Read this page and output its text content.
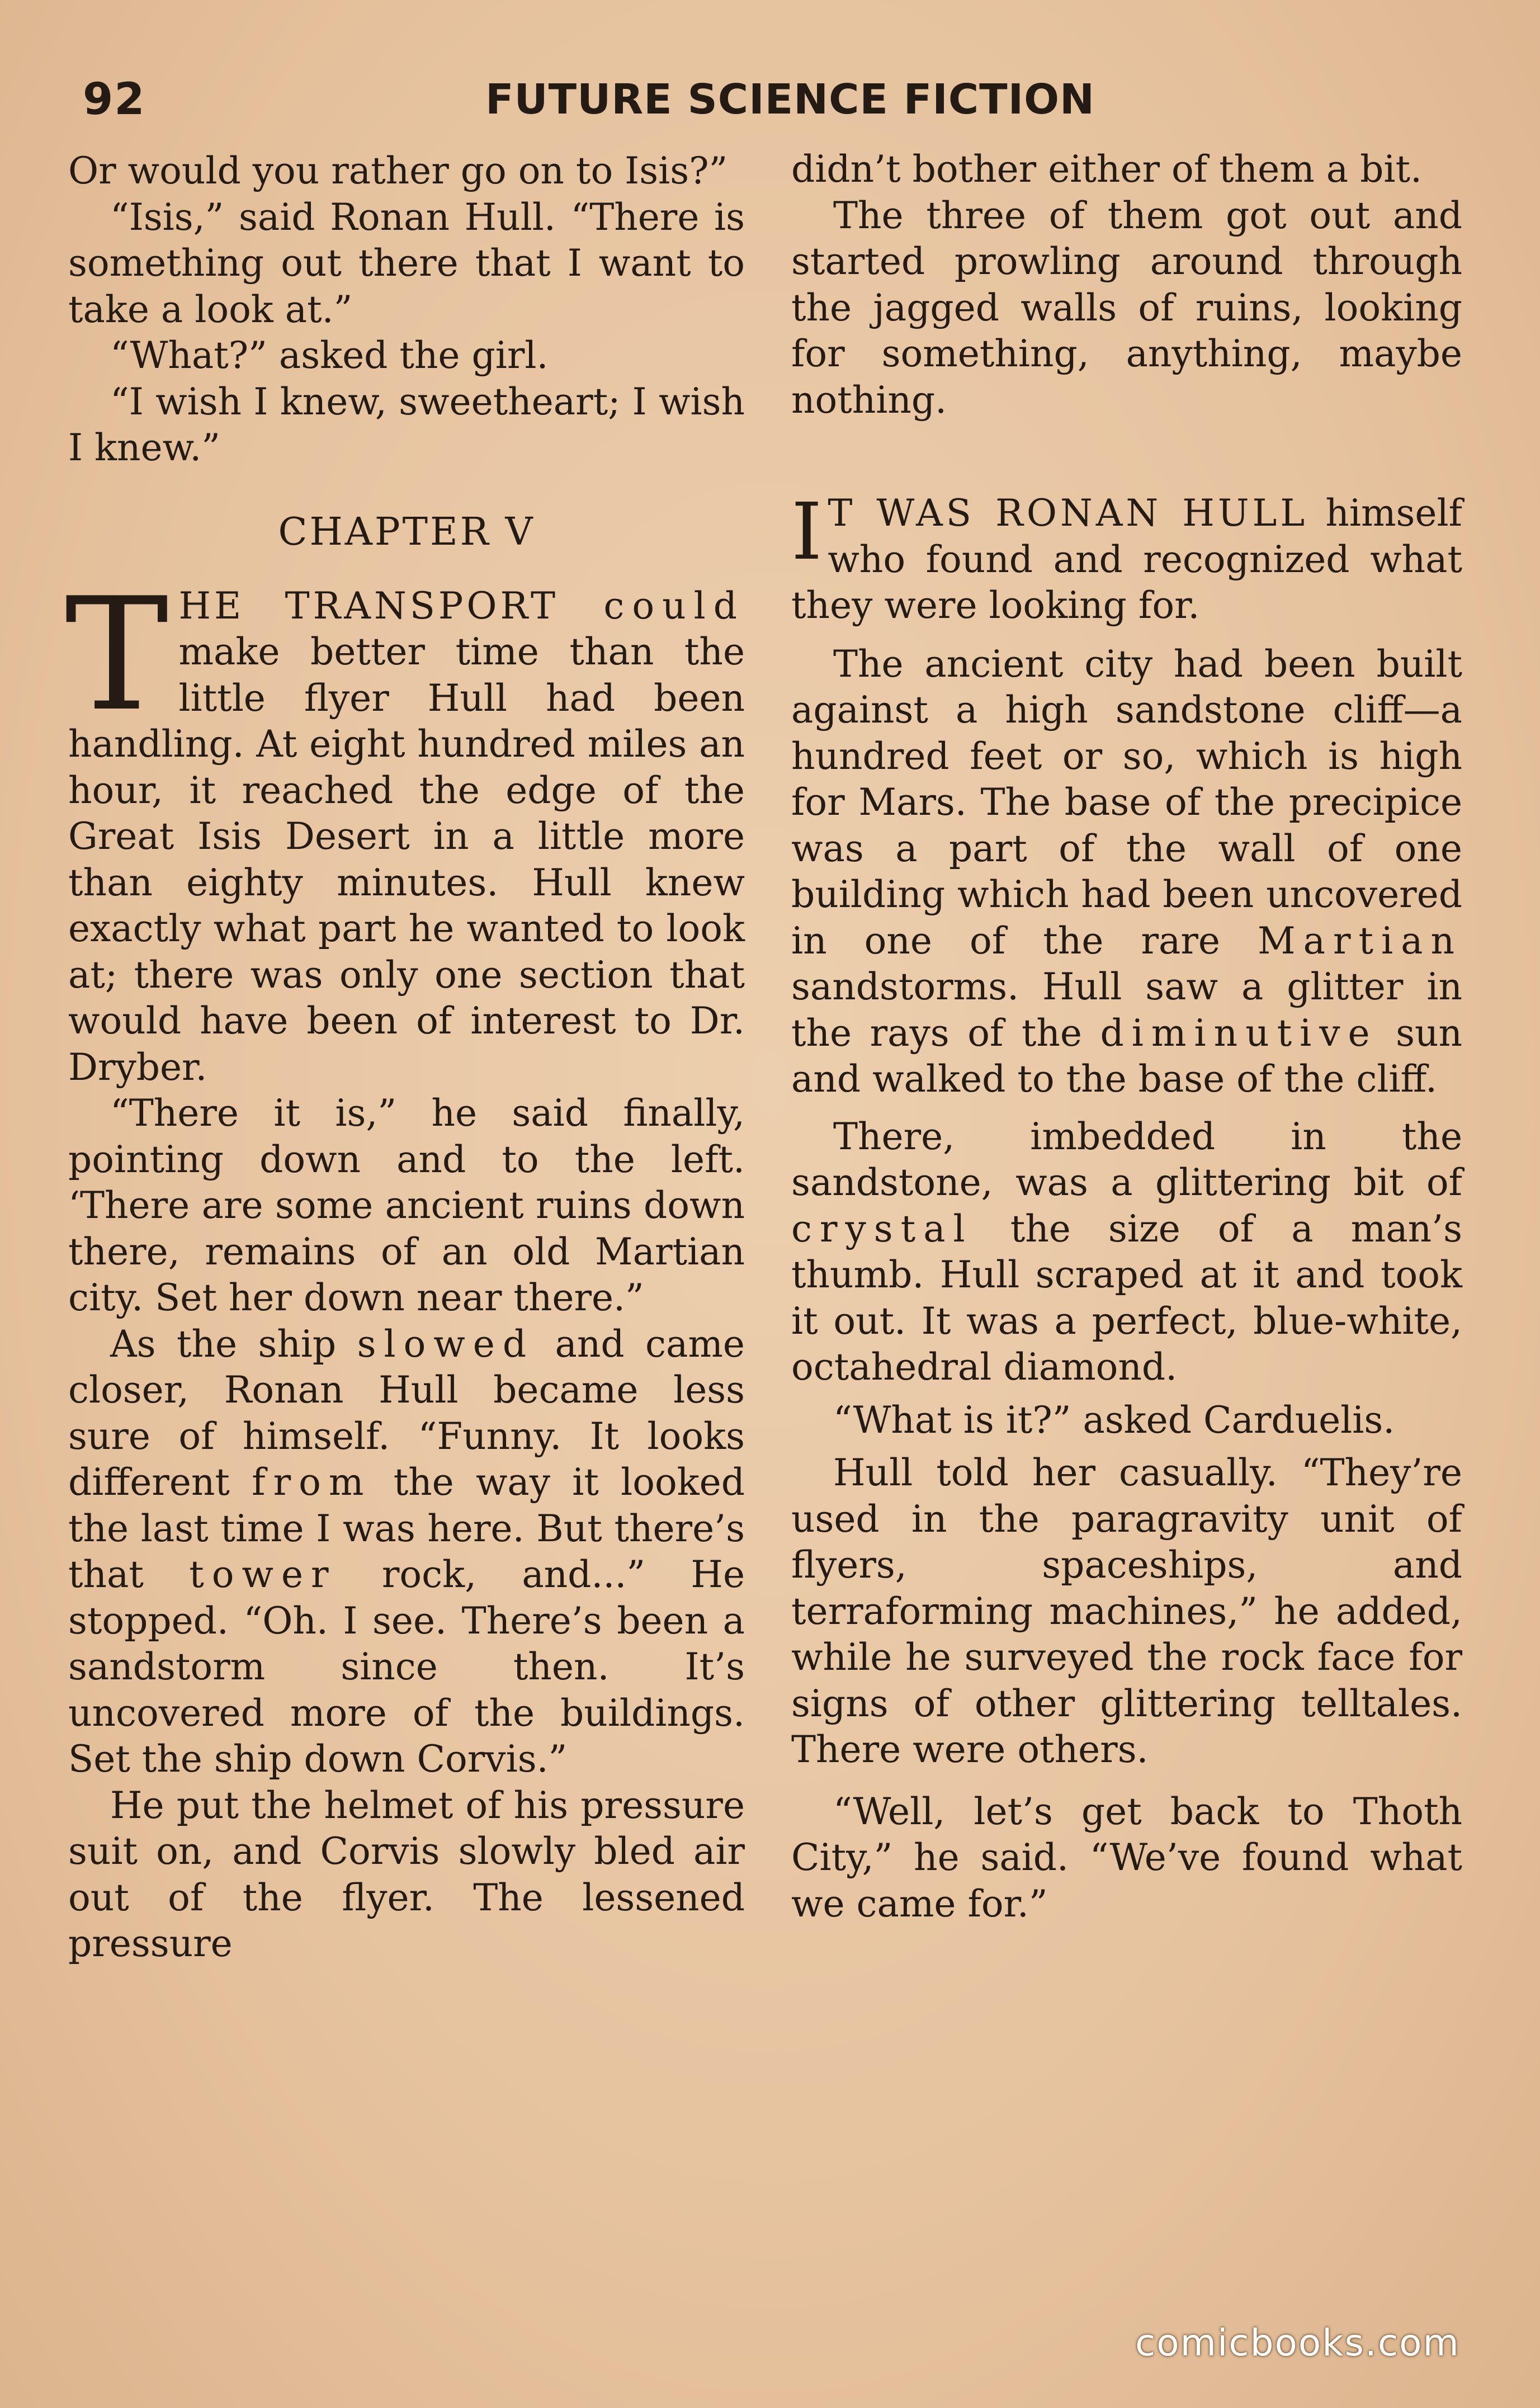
92	FUTURE SCIENCE FICTION

Or would you rather go on to Isis?”

“Isis,” said Ronan Hull. “There is something out there that I want to take a look at.”

“What?” asked the girl.

“I wish I knew, sweetheart; I wish I knew.”

CHAPTER V

THE TRANSPORT could make better time than the little flyer Hull had been handling. At eight hundred miles an hour, it reached the edge of the Great Isis Desert in a little more than eighty minutes. Hull knew exactly what part he wanted to look at; there was only one section that would have been of interest to Dr. Dryber.

“There it is,” he said finally, pointing down and to the left. ‘There are some ancient ruins down there, remains of an old Martian city. Set her down near there.”

As the ship slowed and came closer, Ronan Hull became less sure of himself. “Funny. It looks different from the way it looked the last time I was here. But there’s that tower rock, and...” He stopped. “Oh. I see. There’s been a sandstorm since then. It’s uncovered more of the buildings. Set the ship down Corvis.”

He put the helmet of his pressure suit on, and Corvis slowly bled air out of the flyer. The lessened pressure

didn’t bother either of them a bit.

The three of them got out and started prowling around through the jagged walls of ruins, looking for something, anything, maybe nothing.

I T WAS RONAN HULL himself who found and recognized what they were looking for.

The ancient city had been built against a high sandstone cliff—a hundred feet or so, which is high for Mars. The base of the precipice was a part of the wall of one building which had been uncovered in one of the rare Martian sandstorms. Hull saw a glitter in the rays of the diminutive sun and walked to the base of the cliff.

There, imbedded in the sandstone, was a glittering bit of crystal the size of a man’s thumb. Hull scraped at it and took it out. It was a perfect, blue-white, octahedral diamond.

“What is it?” asked Carduelis.

Hull told her casually. “They’re used in the paragravity unit of flyers, spaceships, and terraforming machines,” he added, while he surveyed the rock face for signs of other glittering telltales. There were others.

“Well, let’s get back to Thoth City,” he said. “We’ve found what we came for.”

comicbooks.com
